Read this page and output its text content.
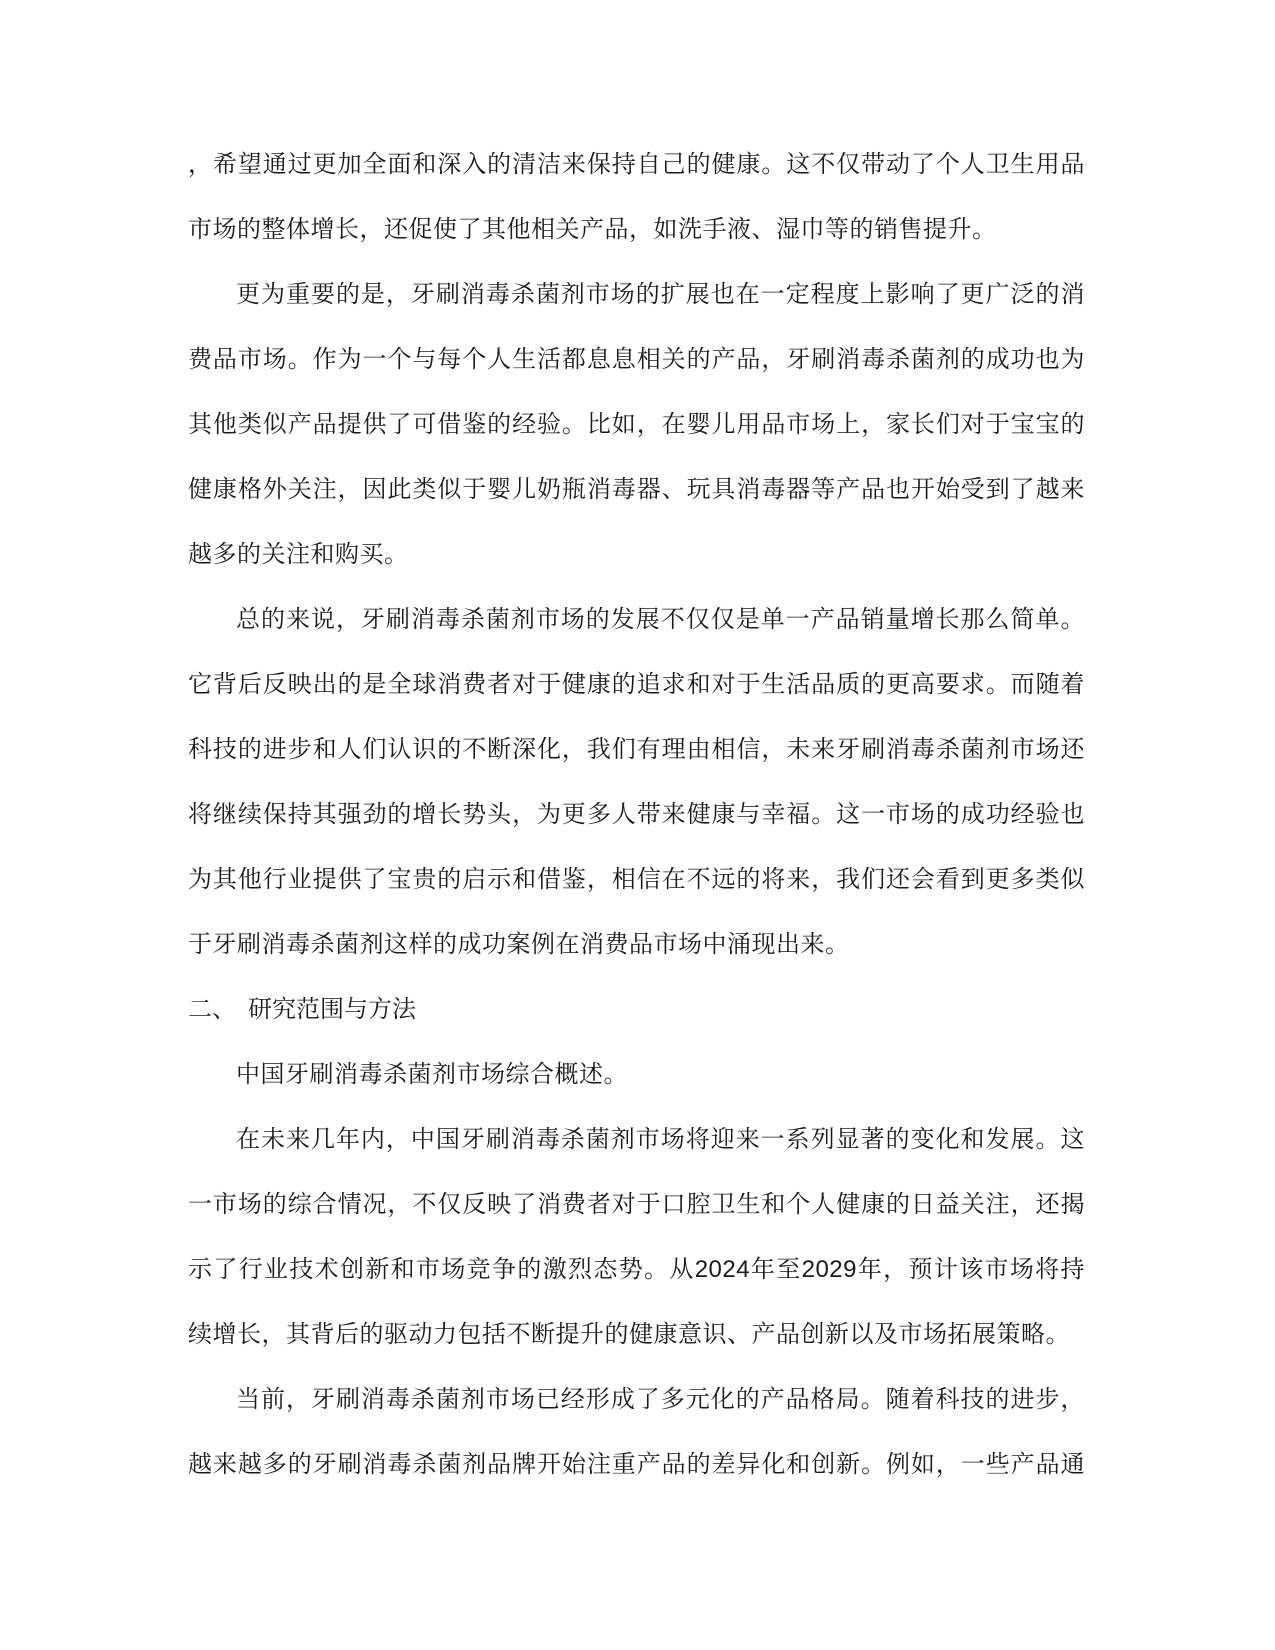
，希望通过更加全面和深入的清洁来保持自己的健康。这不仅带动了个人卫生用品
市场的整体增长，还促使了其他相关产品，如洗手液、湿巾等的销售提升。
更为重要的是，牙刷消毒杀菌剂市场的扩展也在一定程度上影响了更广泛的消
费品市场。作为一个与每个人生活都息息相关的产品，牙刷消毒杀菌剂的成功也为
其他类似产品提供了可借鉴的经验。比如，在婴儿用品市场上，家长们对于宝宝的
健康格外关注，因此类似于婴儿奶瓶消毒器、玩具消毒器等产品也开始受到了越来
越多的关注和购买。
总的来说，牙刷消毒杀菌剂市场的发展不仅仅是单一产品销量增长那么简单。
它背后反映出的是全球消费者对于健康的追求和对于生活品质的更高要求。而随着
科技的进步和人们认识的不断深化，我们有理由相信，未来牙刷消毒杀菌剂市场还
将继续保持其强劲的增长势头，为更多人带来健康与幸福。这一市场的成功经验也
为其他行业提供了宝贵的启示和借鉴，相信在不远的将来，我们还会看到更多类似
于牙刷消毒杀菌剂这样的成功案例在消费品市场中涌现出来。
二、 研究范围与方法
中国牙刷消毒杀菌剂市场综合概述。
在未来几年内，中国牙刷消毒杀菌剂市场将迎来一系列显著的变化和发展。这
一市场的综合情况，不仅反映了消费者对于口腔卫生和个人健康的日益关注，还揭
示了行业技术创新和市场竞争的激烈态势。从2024年至2029年，预计该市场将持
续增长，其背后的驱动力包括不断提升的健康意识、产品创新以及市场拓展策略。
当前，牙刷消毒杀菌剂市场已经形成了多元化的产品格局。随着科技的进步，
越来越多的牙刷消毒杀菌剂品牌开始注重产品的差异化和创新。例如，一些产品通
